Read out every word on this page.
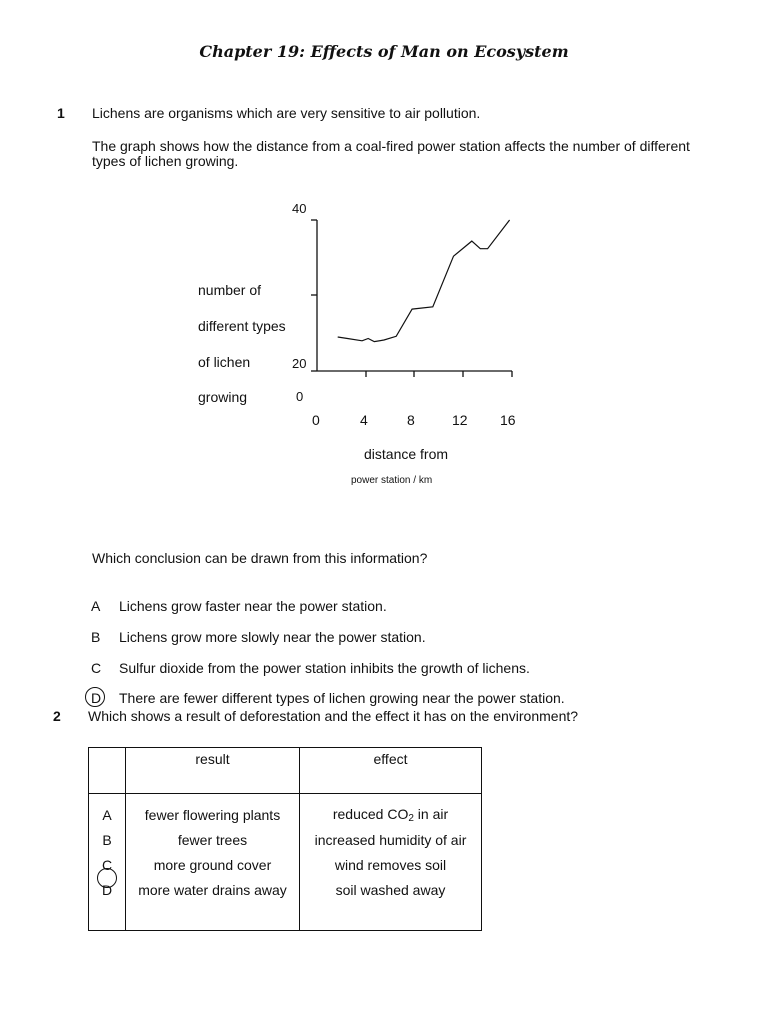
Chapter 19: Effects of Man on Ecosystem
1 Lichens are organisms which are very sensitive to air pollution.
The graph shows how the distance from a coal-fired power station affects the number of different
types of lichen growing.
number of
different types
of lichen
growing
40
20
0
0	4	8	12 16
distance from
power station / km
Which conclusion can be drawn from this information?
A Lichens grow faster near the power station.
B Lichens grow more slowly near the power station.
C Sulfur dioxide from the power station inhibits the growth of lichens.
D There are fewer different types of lichen growing near the power station.
2 Which shows a result of deforestation and the effect it has on the environment?
	result	effect
A	fewer flowering plants	reduced $CO_2$ in air
B	fewer trees	increased humidity of air
C	more ground cover	wind removes soil
D	more water drains away	soil washed away
